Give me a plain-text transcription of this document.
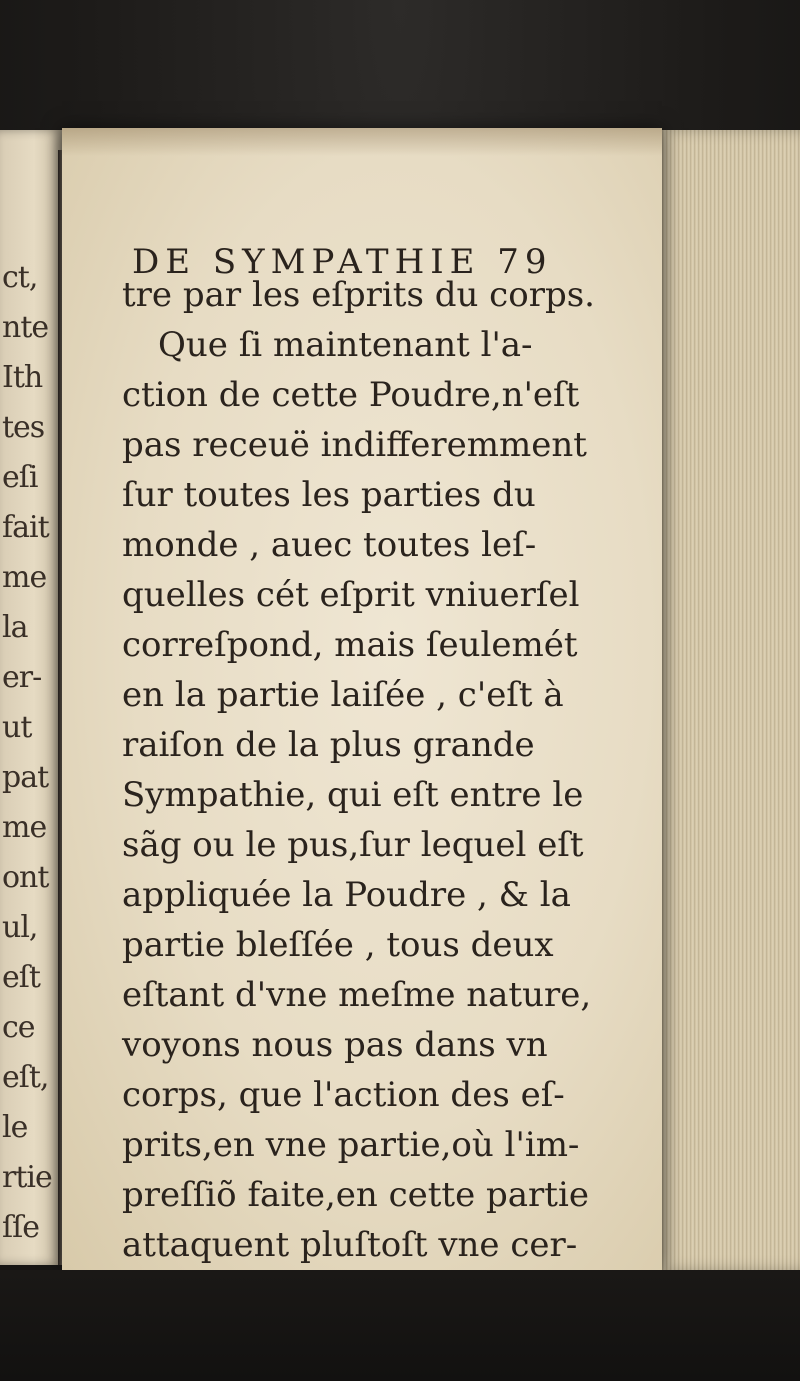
ct,
nte
Ith
tes
eſi
fait
me
la
er-
ut
pat
me
ont
ul,
eſt
ce
eſt,
le
rtie
ſſe
DE SYMPATHIE 79
tre par les eſprits du corps.
Que ſi maintenant l'a-
ction de cette Poudre,n'eſt
pas receuë indifferemment
ſur toutes les parties du
monde , auec toutes leſ-
quelles cét eſprit vniuerſel
correſpond, mais ſeulemét
en la partie laiſée , c'eſt à
raiſon de la plus grande
Sympathie, qui eſt entre le
sãg ou le pus,ſur lequel eſt
appliquée la Poudre , & la
partie bleſſée , tous deux
eſtant d'vne meſme nature,
voyons nous pas dans vn
corps, que l'action des eſ-
prits,en vne partie,où l'im-
preſſiõ faite,en cette partie
attaquent pluſtoſt vne cer-
